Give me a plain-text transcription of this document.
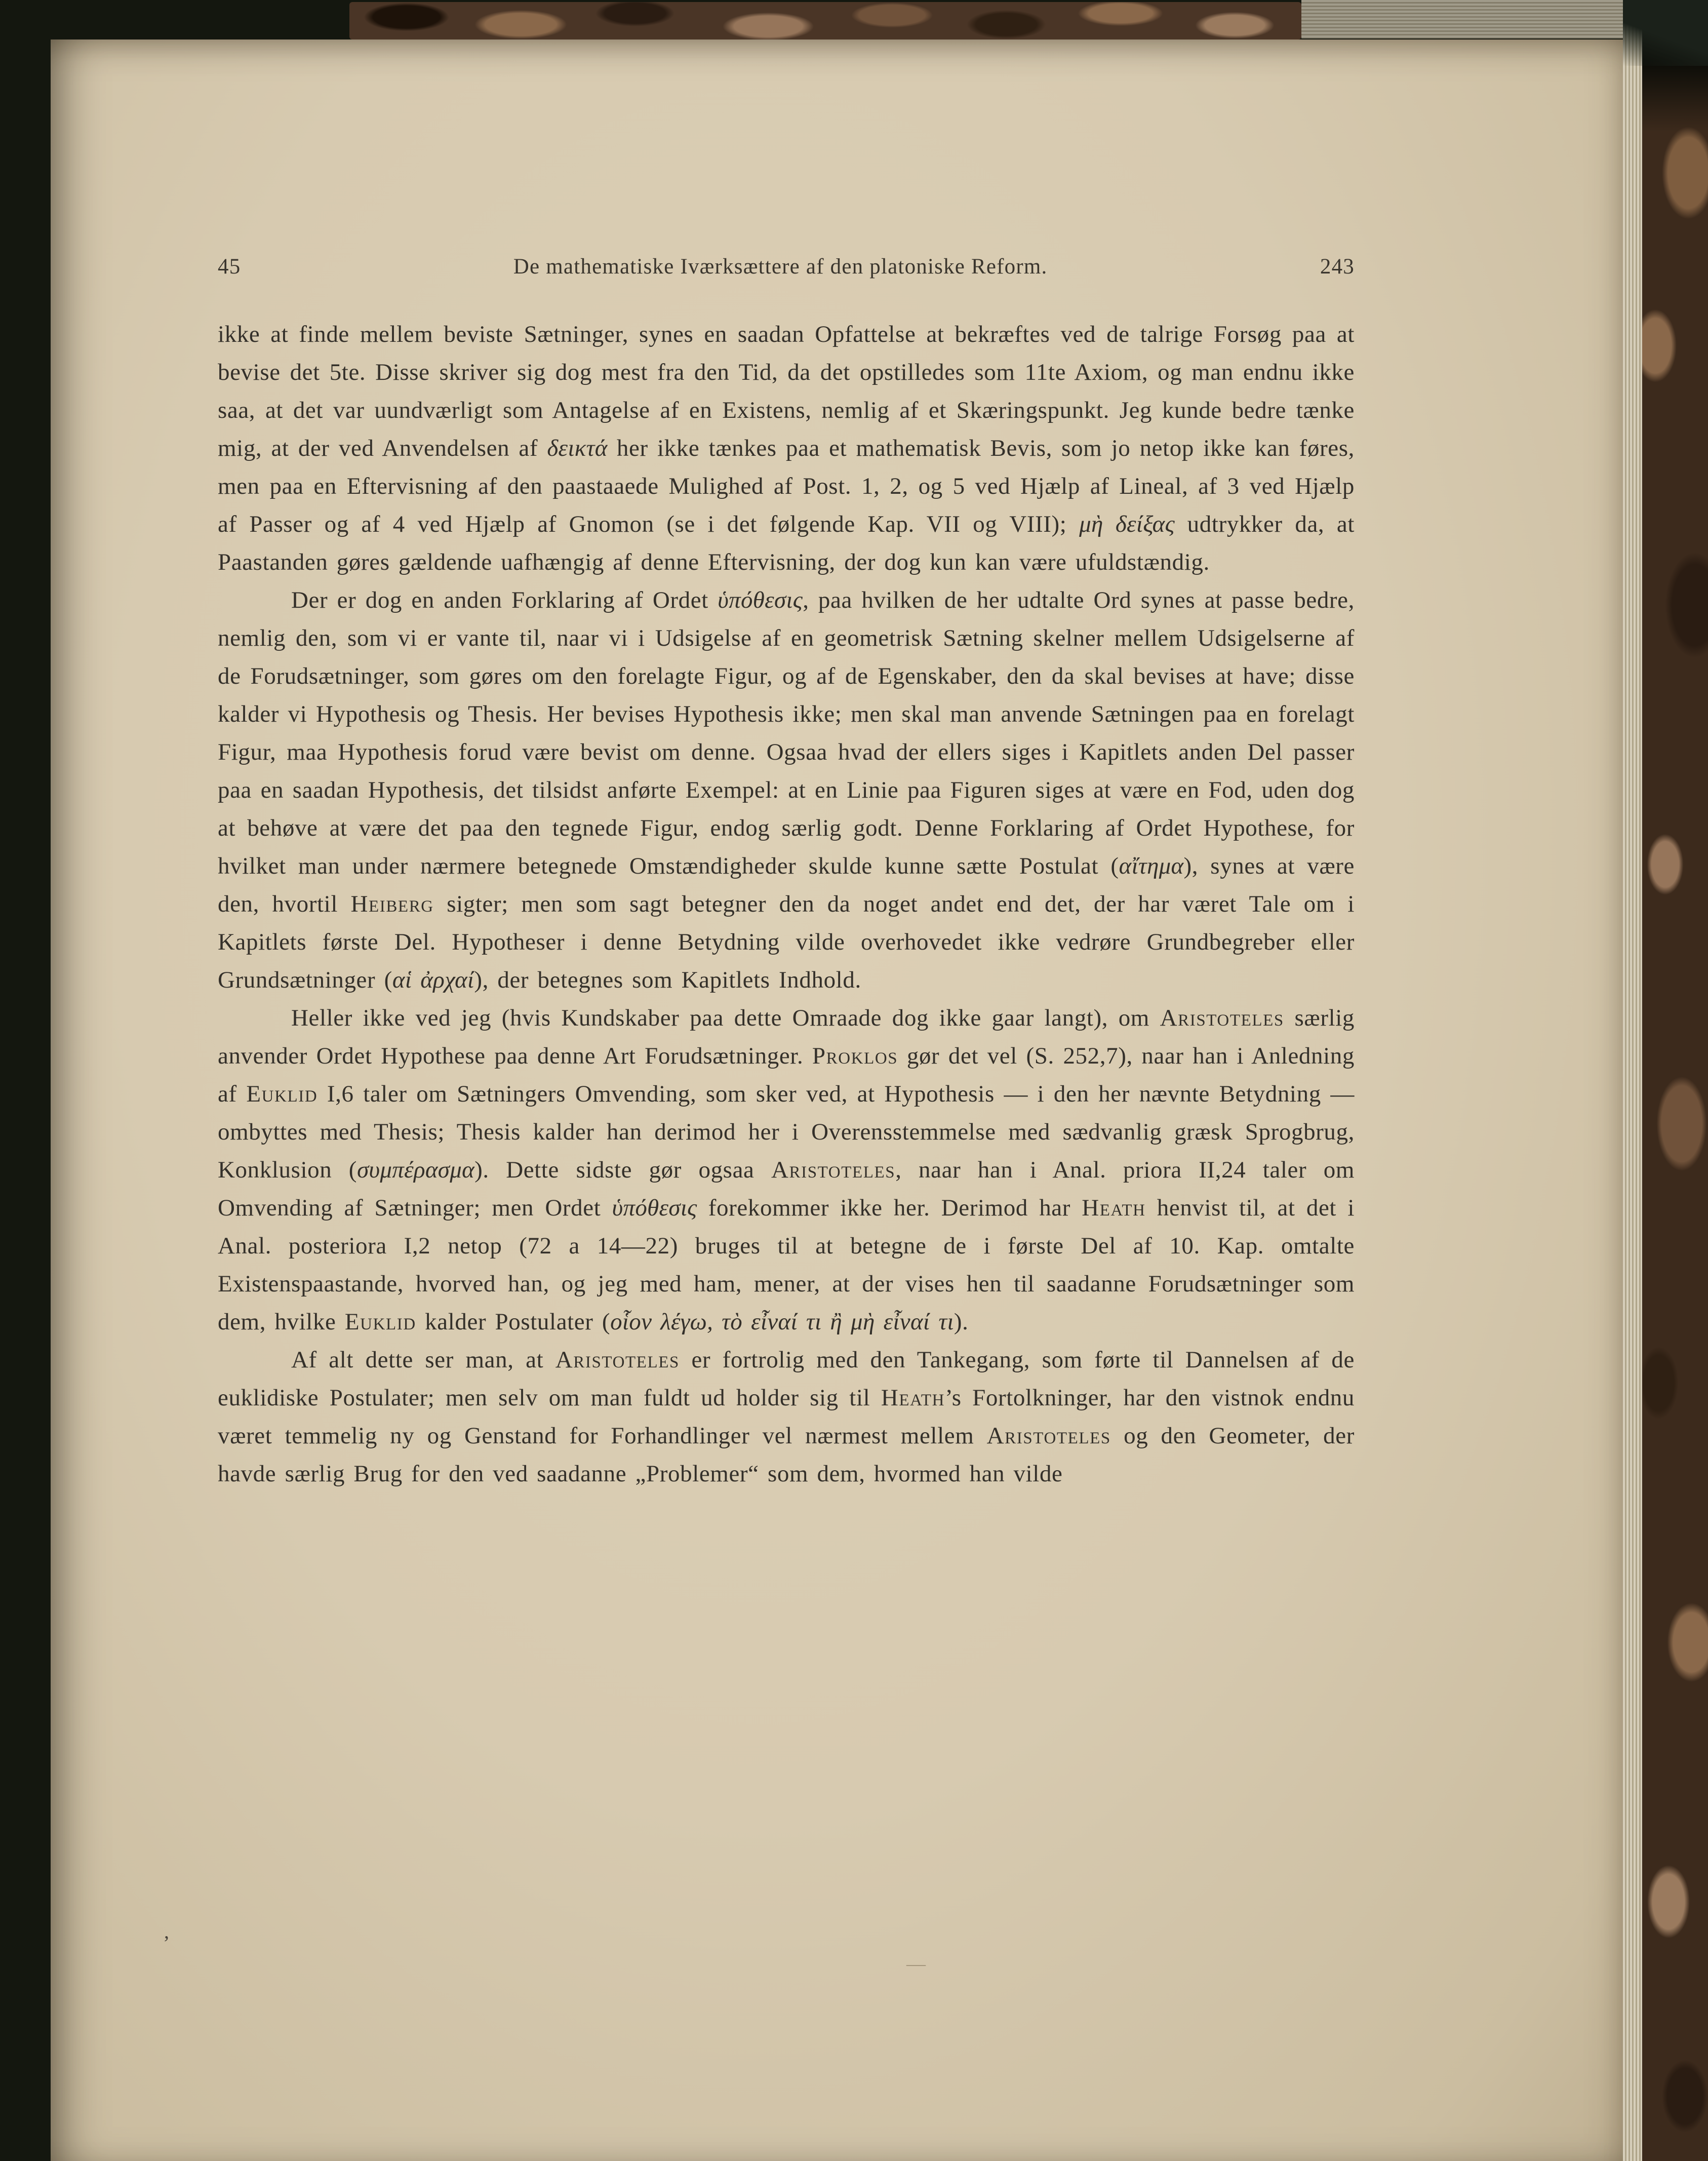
45	De mathematiske Iværksættere af den platoniske Reform.	243

ikke at finde mellem beviste Sætninger, synes en saadan Opfattelse at bekræftes ved de talrige Forsøg paa at bevise det 5te. Disse skriver sig dog mest fra den Tid, da det opstilledes som 11te Axiom, og man endnu ikke saa, at det var uundværligt som Antagelse af en Existens, nemlig af et Skæringspunkt. Jeg kunde bedre tænke mig, at der ved Anvendelsen af δεικτά her ikke tænkes paa et mathematisk Bevis, som jo netop ikke kan føres, men paa en Eftervisning af den paastaaede Mulighed af Post. 1, 2, og 5 ved Hjælp af Lineal, af 3 ved Hjælp af Passer og af 4 ved Hjælp af Gnomon (se i det følgende Kap. VII og VIII); μὴ δείξας udtrykker da, at Paastanden gøres gældende uafhængig af denne Eftervisning, der dog kun kan være ufuldstændig.

Der er dog en anden Forklaring af Ordet ὑπόθεσις, paa hvilken de her udtalte Ord synes at passe bedre, nemlig den, som vi er vante til, naar vi i Udsigelse af en geometrisk Sætning skelner mellem Udsigelserne af de Forudsætninger, som gøres om den forelagte Figur, og af de Egenskaber, den da skal bevises at have; disse kalder vi Hypothesis og Thesis. Her bevises Hypothesis ikke; men skal man anvende Sætningen paa en forelagt Figur, maa Hypothesis forud være bevist om denne. Ogsaa hvad der ellers siges i Kapitlets anden Del passer paa en saadan Hypothesis, det tilsidst anførte Exempel: at en Linie paa Figuren siges at være en Fod, uden dog at behøve at være det paa den tegnede Figur, endog særlig godt. Denne Forklaring af Ordet Hypothese, for hvilket man under nærmere betegnede Omstændigheder skulde kunne sætte Postulat (αἴτημα), synes at være den, hvortil Heiberg sigter; men som sagt betegner den da noget andet end det, der har været Tale om i Kapitlets første Del. Hypotheser i denne Betydning vilde overhovedet ikke vedrøre Grundbegreber eller Grundsætninger (αἱ ἀρχαί), der betegnes som Kapitlets Indhold.

Heller ikke ved jeg (hvis Kundskaber paa dette Omraade dog ikke gaar langt), om Aristoteles særlig anvender Ordet Hypothese paa denne Art Forudsætninger. Proklos gør det vel (S. 252,7), naar han i Anledning af Euklid I,6 taler om Sætningers Omvending, som sker ved, at Hypothesis — i den her nævnte Betydning — ombyttes med Thesis; Thesis kalder han derimod her i Overensstemmelse med sædvanlig græsk Sprogbrug, Konklusion (συμπέρασμα). Dette sidste gør ogsaa Aristoteles, naar han i Anal. priora II,24 taler om Omvending af Sætninger; men Ordet ὑπόθεσις forekommer ikke her. Derimod har Heath henvist til, at det i Anal. posteriora I,2 netop (72 a 14—22) bruges til at betegne de i første Del af 10. Kap. omtalte Existenspaastande, hvorved han, og jeg med ham, mener, at der vises hen til saadanne Forudsætninger som dem, hvilke Euklid kalder Postulater (οἷον λέγω, τὸ εἶναί τι ἢ μὴ εἶναί τι).

Af alt dette ser man, at Aristoteles er fortrolig med den Tankegang, som førte til Dannelsen af de euklidiske Postulater; men selv om man fuldt ud holder sig til Heath’s Fortolkninger, har den vistnok endnu været temmelig ny og Genstand for Forhandlinger vel nærmest mellem Aristoteles og den Geometer, der havde særlig Brug for den ved saadanne „Problemer“ som dem, hvormed han vilde

‚
—
